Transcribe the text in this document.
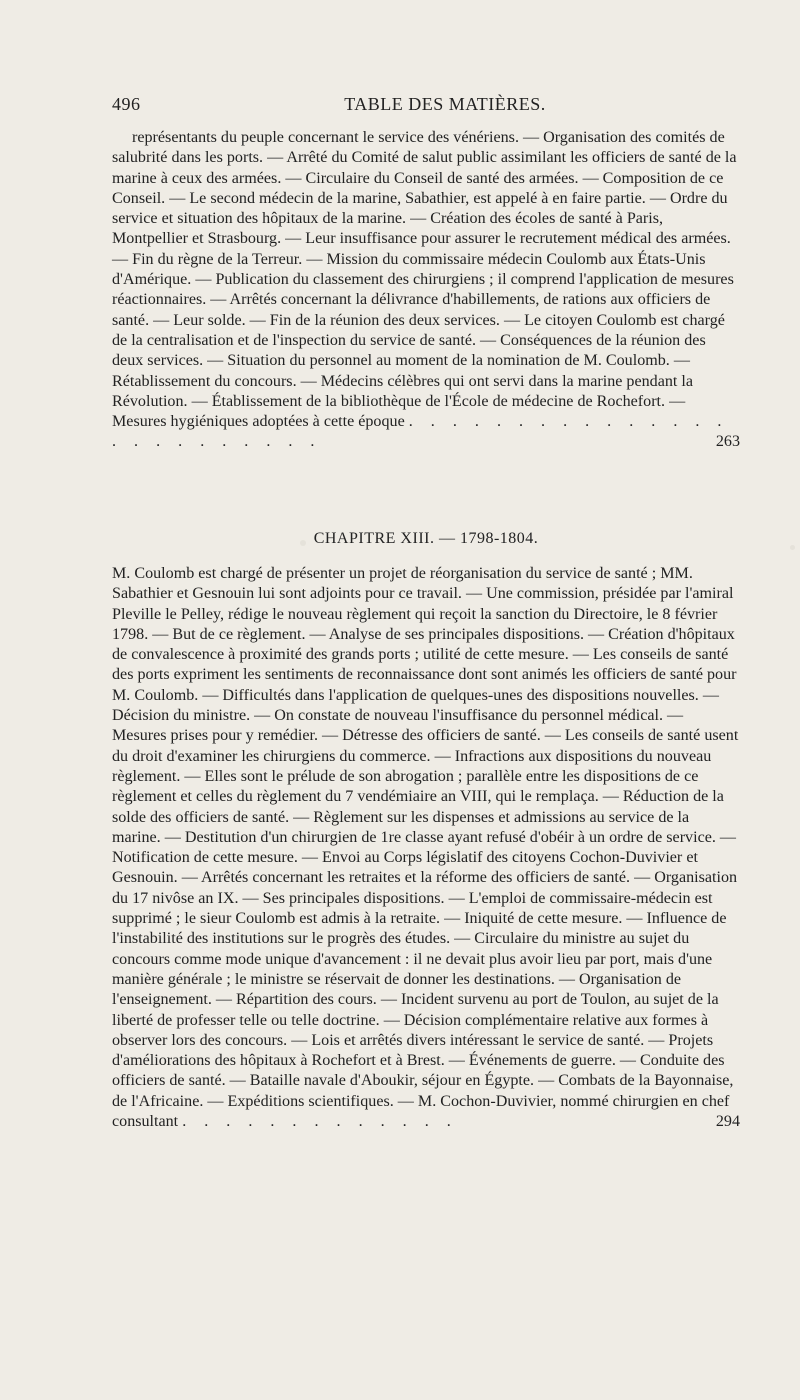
496	TABLE DES MATIÈRES.

représentants du peuple concernant le service des vénériens. — Organisation des comités de salubrité dans les ports. — Arrêté du Comité de salut public assimilant les officiers de santé de la marine à ceux des armées. — Circulaire du Conseil de santé des armées. — Composition de ce Conseil. — Le second médecin de la marine, Sabathier, est appelé à en faire partie. — Ordre du service et situation des hôpitaux de la marine. — Création des écoles de santé à Paris, Montpellier et Strasbourg. — Leur insuffisance pour assurer le recrutement médical des armées. — Fin du règne de la Terreur. — Mission du commissaire médecin Coulomb aux États-Unis d'Amérique. — Publication du classement des chirurgiens ; il comprend l'application de mesures réactionnaires. — Arrêtés concernant la délivrance d'habillements, de rations aux officiers de santé. — Leur solde. — Fin de la réunion des deux services. — Le citoyen Coulomb est chargé de la centralisation et de l'inspection du service de santé. — Conséquences de la réunion des deux services. — Situation du personnel au moment de la nomination de M. Coulomb. — Rétablissement du concours. — Médecins célèbres qui ont servi dans la marine pendant la Révolution. — Établissement de la bibliothèque de l'École de médecine de Rochefort. — Mesures hygiéniques adoptées à cette époque . . . . . . . . . . . . . . . . . . . . . . . . .	263

CHAPITRE XIII. — 1798-1804.

M. Coulomb est chargé de présenter un projet de réorganisation du service de santé ; MM. Sabathier et Gesnouin lui sont adjoints pour ce travail. — Une commission, présidée par l'amiral Pleville le Pelley, rédige le nouveau règlement qui reçoit la sanction du Directoire, le 8 février 1798. — But de ce règlement. — Analyse de ses principales dispositions. — Création d'hôpitaux de convalescence à proximité des grands ports ; utilité de cette mesure. — Les conseils de santé des ports expriment les sentiments de reconnaissance dont sont animés les officiers de santé pour M. Coulomb. — Difficultés dans l'application de quelques-unes des dispositions nouvelles. — Décision du ministre. — On constate de nouveau l'insuffisance du personnel médical. — Mesures prises pour y remédier. — Détresse des officiers de santé. — Les conseils de santé usent du droit d'examiner les chirurgiens du commerce. — Infractions aux dispositions du nouveau règlement. — Elles sont le prélude de son abrogation ; parallèle entre les dispositions de ce règlement et celles du règlement du 7 vendémiaire an VIII, qui le remplaça. — Réduction de la solde des officiers de santé. — Règlement sur les dispenses et admissions au service de la marine. — Destitution d'un chirurgien de 1re classe ayant refusé d'obéir à un ordre de service. — Notification de cette mesure. — Envoi au Corps législatif des citoyens Cochon-Duvivier et Gesnouin. — Arrêtés concernant les retraites et la réforme des officiers de santé. — Organisation du 17 nivôse an IX. — Ses principales dispositions. — L'emploi de commissaire-médecin est supprimé ; le sieur Coulomb est admis à la retraite. — Iniquité de cette mesure. — Influence de l'instabilité des institutions sur le progrès des études. — Circulaire du ministre au sujet du concours comme mode unique d'avancement : il ne devait plus avoir lieu par port, mais d'une manière générale ; le ministre se réservait de donner les destinations. — Organisation de l'enseignement. — Répartition des cours. — Incident survenu au port de Toulon, au sujet de la liberté de professer telle ou telle doctrine. — Décision complémentaire relative aux formes à observer lors des concours. — Lois et arrêtés divers intéressant le service de santé. — Projets d'améliorations des hôpitaux à Rochefort et à Brest. — Événements de guerre. — Conduite des officiers de santé. — Bataille navale d'Aboukir, séjour en Égypte. — Combats de la Bayonnaise, de l'Africaine. — Expéditions scientifiques. — M. Cochon-Duvivier, nommé chirurgien en chef consultant . . . . . . . . . . . . .	294
